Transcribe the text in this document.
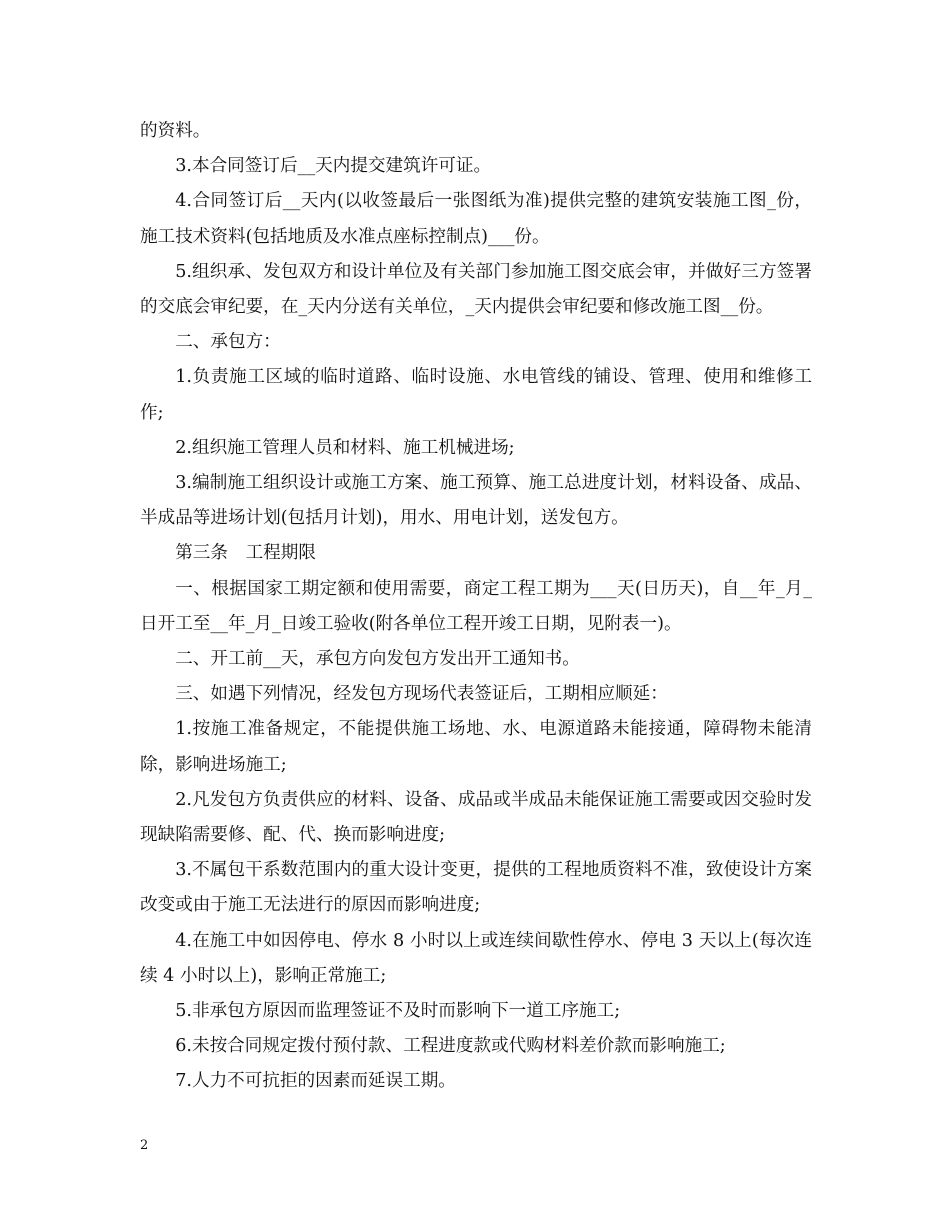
的资料。

3.本合同签订后__天内提交建筑许可证。

4.合同签订后__天内(以收签最后一张图纸为准)提供完整的建筑安装施工图_份，施工技术资料(包括地质及水准点座标控制点)___份。

5.组织承、发包双方和设计单位及有关部门参加施工图交底会审，并做好三方签署的交底会审纪要，在_天内分送有关单位，_天内提供会审纪要和修改施工图__份。

二、承包方：

1.负责施工区域的临时道路、临时设施、水电管线的铺设、管理、使用和维修工作;

2.组织施工管理人员和材料、施工机械进场;

3.编制施工组织设计或施工方案、施工预算、施工总进度计划，材料设备、成品、半成品等进场计划(包括月计划)，用水、用电计划，送发包方。

第三条　工程期限

一、根据国家工期定额和使用需要，商定工程工期为___天(日历天)，自__年_月_日开工至__年_月_日竣工验收(附各单位工程开竣工日期，见附表一)。

二、开工前__天，承包方向发包方发出开工通知书。

三、如遇下列情况，经发包方现场代表签证后，工期相应顺延：

1.按施工准备规定，不能提供施工场地、水、电源道路未能接通，障碍物未能清除，影响进场施工;

2.凡发包方负责供应的材料、设备、成品或半成品未能保证施工需要或因交验时发现缺陷需要修、配、代、换而影响进度;

3.不属包干系数范围内的重大设计变更，提供的工程地质资料不准，致使设计方案改变或由于施工无法进行的原因而影响进度;

4.在施工中如因停电、停水 8 小时以上或连续间歇性停水、停电 3 天以上(每次连续 4 小时以上)，影响正常施工;

5.非承包方原因而监理签证不及时而影响下一道工序施工;

6.未按合同规定拨付预付款、工程进度款或代购材料差价款而影响施工;

7.人力不可抗拒的因素而延误工期。

2
